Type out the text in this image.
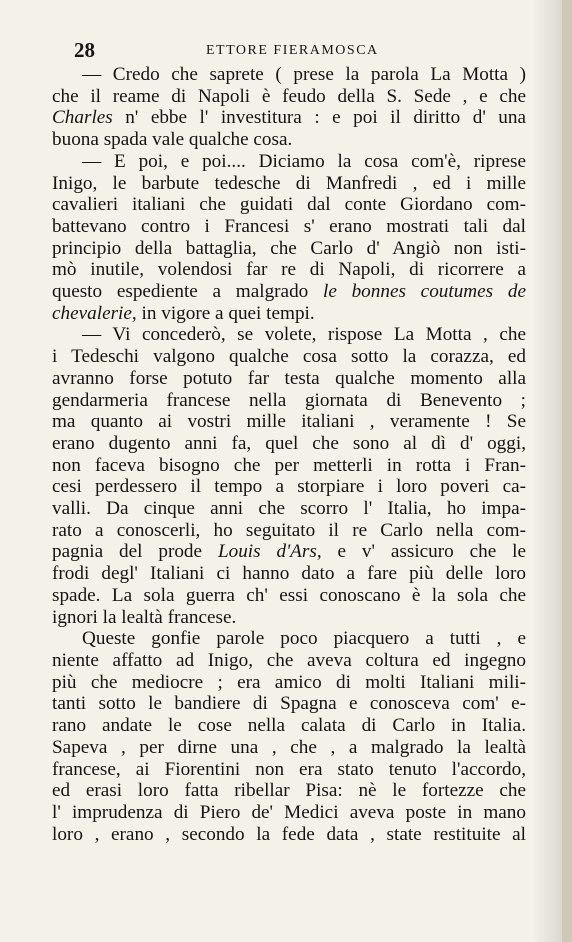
28	ETTORE FIERAMOSCA
— Credo che saprete ( prese la parola La Motta )
che il reame di Napoli è feudo della S. Sede , e che
Charles n' ebbe l' investitura : e poi il diritto d' una
buona spada vale qualche cosa.
— E poi, e poi.... Diciamo la cosa com'è, riprese
Inigo, le barbute tedesche di Manfredi , ed i mille
cavalieri italiani che guidati dal conte Giordano com-
battevano contro i Francesi s' erano mostrati tali dal
principio della battaglia, che Carlo d' Angiò non isti-
mò inutile, volendosi far re di Napoli, di ricorrere a
questo espediente a malgrado le bonnes coutumes de
chevalerie, in vigore a quei tempi.
— Vi concederò, se volete, rispose La Motta , che
i Tedeschi valgono qualche cosa sotto la corazza, ed
avranno forse potuto far testa qualche momento alla
gendarmeria francese nella giornata di Benevento ;
ma quanto ai vostri mille italiani , veramente ! Se
erano dugento anni fa, quel che sono al dì d' oggi,
non faceva bisogno che per metterli in rotta i Fran-
cesi perdessero il tempo a storpiare i loro poveri ca-
valli. Da cinque anni che scorro l' Italia, ho impa-
rato a conoscerli, ho seguitato il re Carlo nella com-
pagnia del prode Louis d'Ars, e v' assicuro che le
frodi degl' Italiani ci hanno dato a fare più delle loro
spade. La sola guerra ch' essi conoscano è la sola che
ignori la lealtà francese.
Queste gonfie parole poco piacquero a tutti , e
niente affatto ad Inigo, che aveva coltura ed ingegno
più che mediocre ; era amico di molti Italiani mili-
tanti sotto le bandiere di Spagna e conosceva com' e-
rano andate le cose nella calata di Carlo in Italia.
Sapeva , per dirne una , che , a malgrado la lealtà
francese, ai Fiorentini non era stato tenuto l'accordo,
ed erasi loro fatta ribellar Pisa: nè le fortezze che
l' imprudenza di Piero de' Medici aveva poste in mano
loro , erano , secondo la fede data , state restituite al
